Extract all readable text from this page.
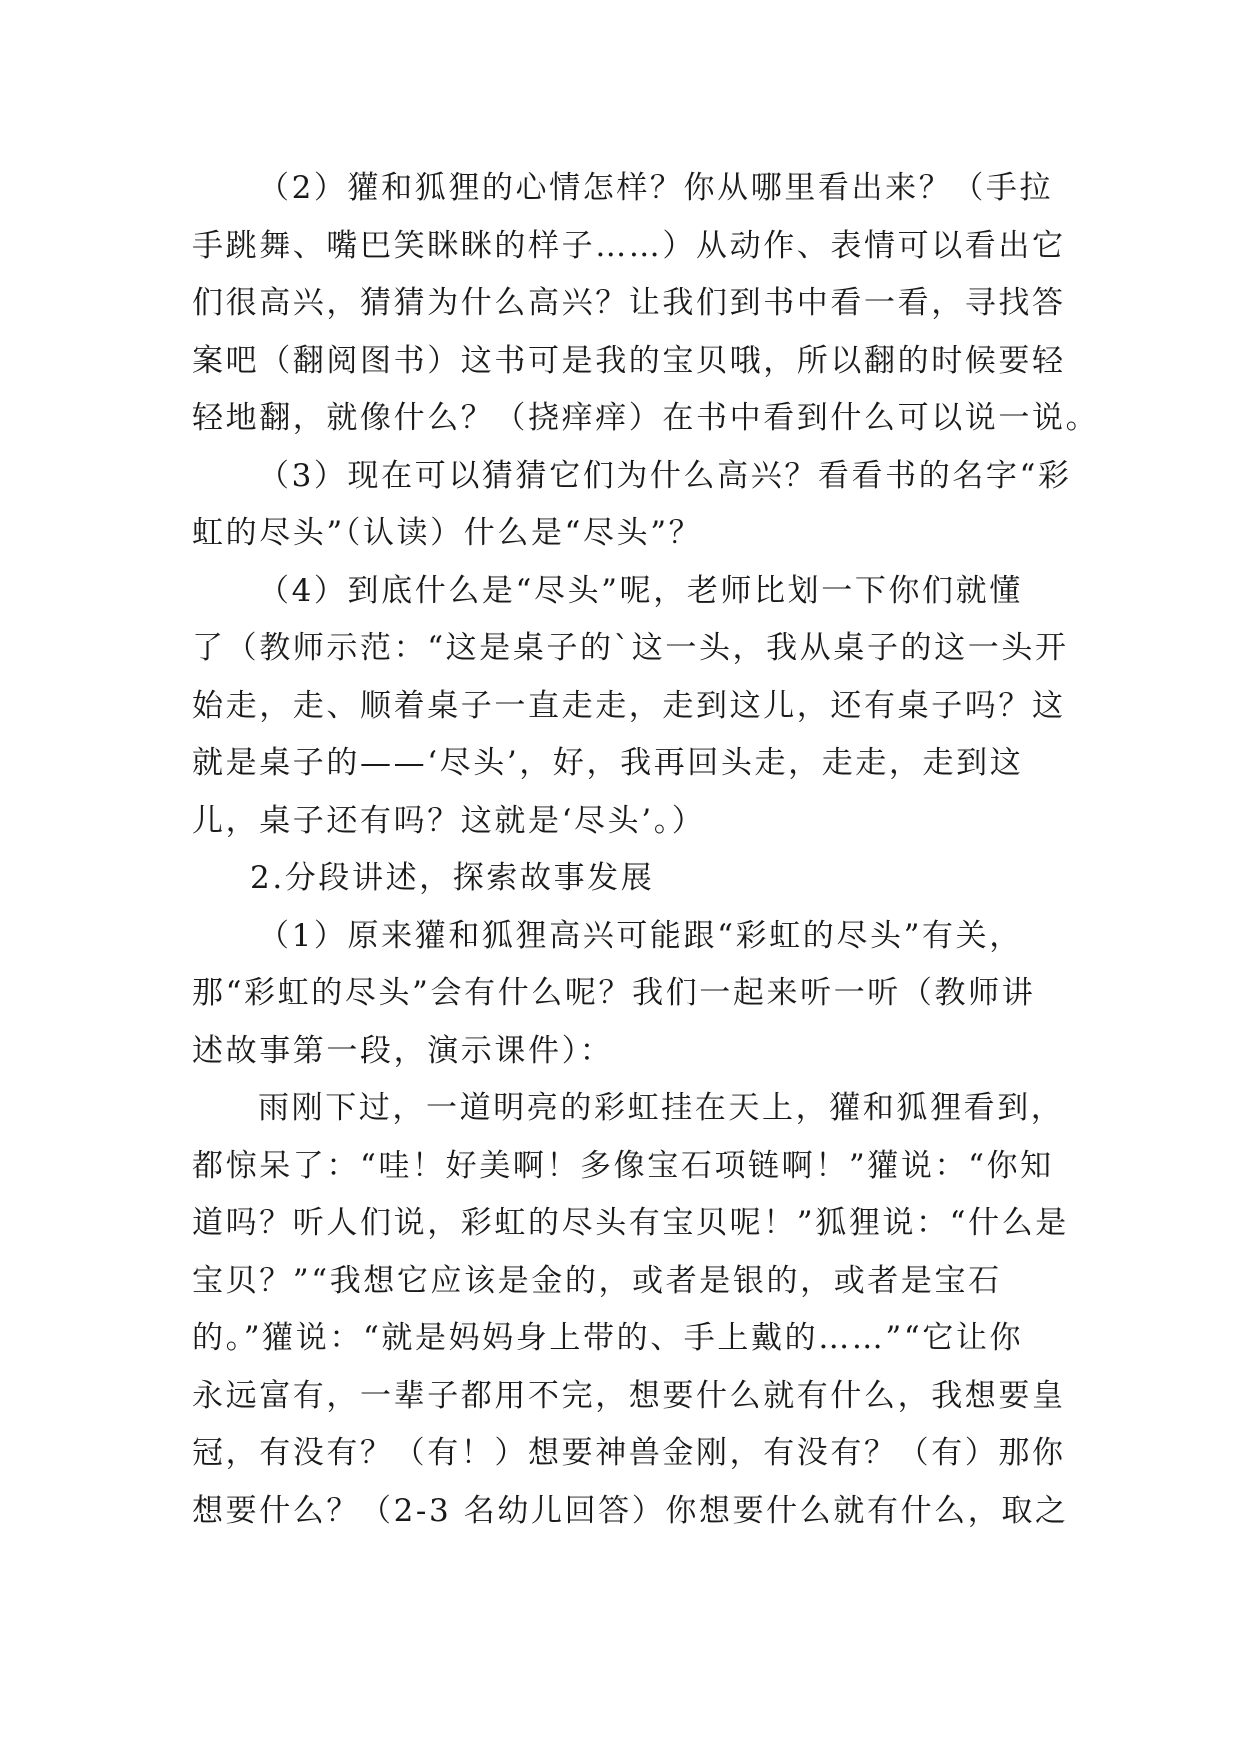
（2）獾和狐狸的心情怎样？你从哪里看出来？（手拉
手跳舞、嘴巴笑眯眯的样子……）从动作、表情可以看出它
们很高兴，猜猜为什么高兴？让我们到书中看一看，寻找答
案吧（翻阅图书）这书可是我的宝贝哦，所以翻的时候要轻
轻地翻，就像什么？（挠痒痒）在书中看到什么可以说一说。
（3）现在可以猜猜它们为什么高兴？看看书的名字“彩
虹的尽头”（认读）什么是“尽头”？
（4）到底什么是“尽头”呢，老师比划一下你们就懂
了（教师示范：“这是桌子的`这一头，我从桌子的这一头开
始走，走、顺着桌子一直走走，走到这儿，还有桌子吗？这
就是桌子的——‘尽头’，好，我再回头走，走走，走到这
儿，桌子还有吗？这就是‘尽头’。）
2.分段讲述，探索故事发展
（1）原来獾和狐狸高兴可能跟“彩虹的尽头”有关，
那“彩虹的尽头”会有什么呢？我们一起来听一听（教师讲
述故事第一段，演示课件）：
雨刚下过，一道明亮的彩虹挂在天上，獾和狐狸看到，
都惊呆了：“哇！好美啊！多像宝石项链啊！”獾说：“你知
道吗？听人们说，彩虹的尽头有宝贝呢！”狐狸说：“什么是
宝贝？”“我想它应该是金的，或者是银的，或者是宝石
的。”獾说：“就是妈妈身上带的、手上戴的……”“它让你
永远富有，一辈子都用不完，想要什么就有什么，我想要皇
冠，有没有？（有！）想要神兽金刚，有没有？（有）那你
想要什么？（2-3 名幼儿回答）你想要什么就有什么，取之
